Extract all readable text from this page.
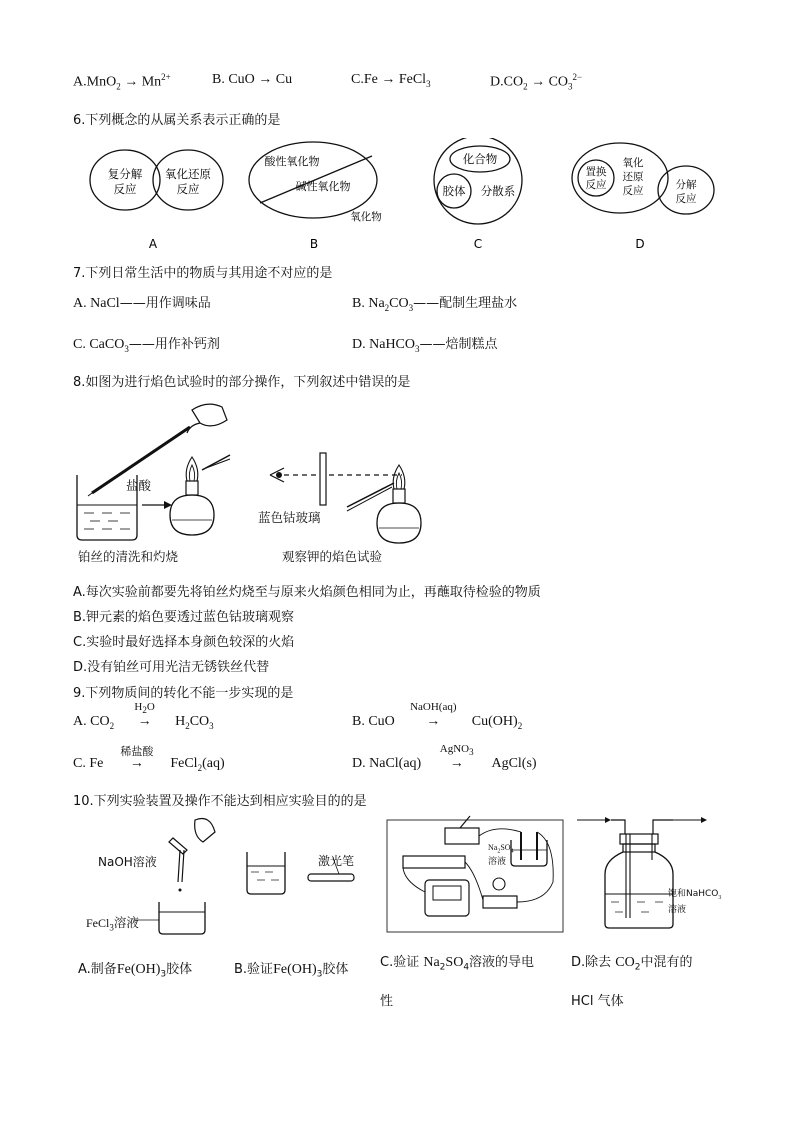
$A.MnO_2 \to Mn^{2+}$	B. CuO → Cu	C.Fe → FeCl$_3$	$D.CO_2 \to CO_3^{2-}$
6.下列概念的从属关系表示正确的是
复分解
反应
氧化还原
反应
A
酸性氧化物
碱性氧化物
氧化物
B
化合物
胶体 分散系
C
置换
反应
氧化
还原
反应	分解
反应
D
7.下列日常生活中的物质与其用途不对应的是
A. NaCl——用作调味品	B. $Na_2CO_3——$配制生理盐水
C. CaCO$_3$——用作补钙剂	D. NaHCO$_3$——焙制糕点
8.如图为进行焰色试验时的部分操作，下列叙述中错误的是
盐酸
蓝色钴玻璃
铂丝的清洗和灼烧	观察钾的焰色试验
A.每次实验前都要先将铂丝灼烧至与原来火焰颜色相同为止，再蘸取待检验的物质
B.钾元素的焰色要透过蓝色钴玻璃观察
C.实验时最好选择本身颜色较深的火焰
D.没有铂丝可用光洁无锈铁丝代替
9.下列物质间的转化不能一步实现的是
A. $CO_2$
$H_2O$
→ $H_2CO_3$	B. CuO
NaOH(aq)
→ $Cu(OH)_2$
C. Fe
稀盐酸
→ FeCl$_2$(aq)	D. NaCl(aq)
AgNO$_3$
→ AgCl(s)
10.下列实验装置及操作不能达到相应实验目的的是
NaOH溶液
FeCl$_3$溶液
激光笔
$Na_2SO_4$
溶液
饱和NaHCO$_3$
溶液
A.制备$Fe(OH)_3$胶体	B.验证$Fe(OH)_3$胶体 C.验证 $Na_2SO_4$溶液的导电
性
D.除去 $CO_2$中混有的
HCl 气体
